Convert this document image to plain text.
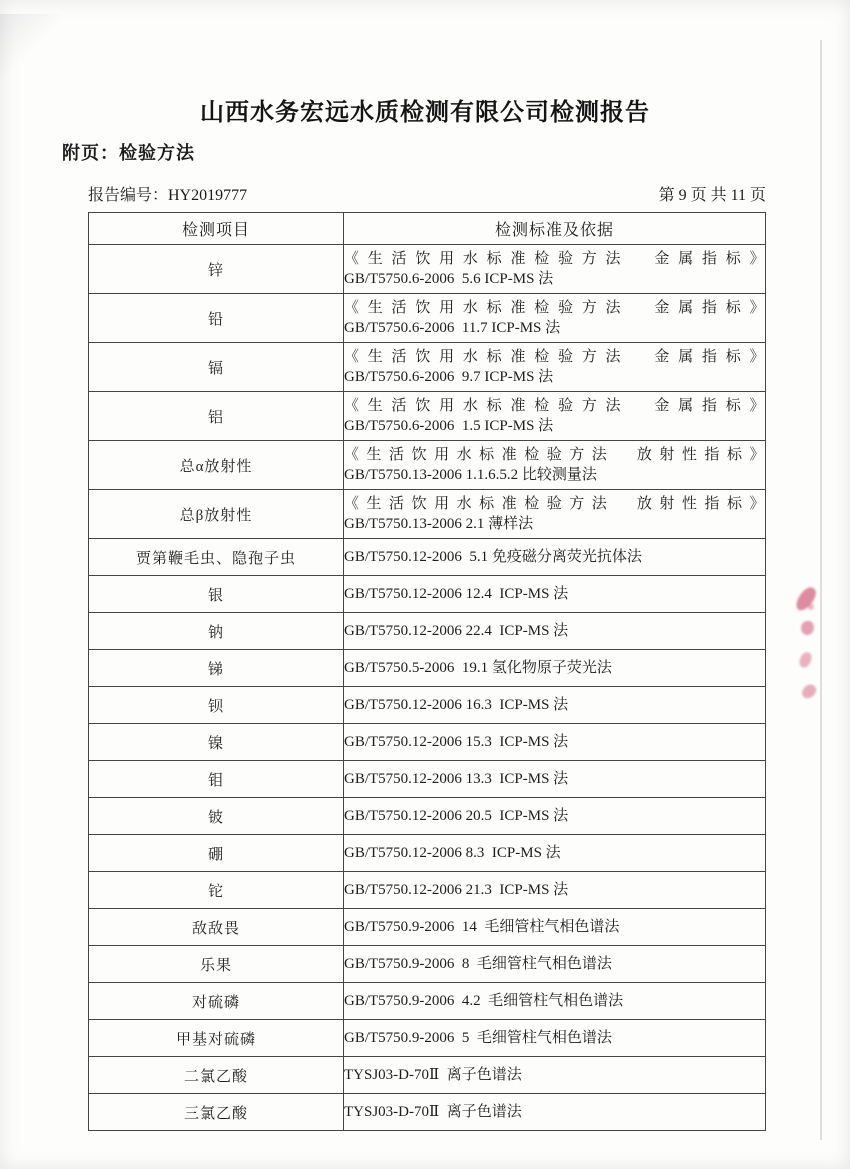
山西水务宏远水质检测有限公司检测报告
附页：检验方法
报告编号：HY2019777	第 9 页 共 11 页
检测项目	检测标准及依据
锌	《生活饮用水标准检验方法  金属指标》
GB/T5750.6-2006  5.6 ICP-MS 法

铅	《生活饮用水标准检验方法  金属指标》
GB/T5750.6-2006  11.7 ICP-MS 法

镉	《生活饮用水标准检验方法  金属指标》
GB/T5750.6-2006  9.7 ICP-MS 法

铝	《生活饮用水标准检验方法  金属指标》
GB/T5750.6-2006  1.5 ICP-MS 法

总α放射性	《生活饮用水标准检验方法  放射性指标》
GB/T5750.13-2006 1.1.6.5.2 比较测量法

总β放射性	《生活饮用水标准检验方法  放射性指标》
GB/T5750.13-2006 2.1 薄样法

贾第鞭毛虫、隐孢子虫	GB/T5750.12-2006  5.1 免疫磁分离荧光抗体法

银	GB/T5750.12-2006 12.4  ICP-MS 法

钠	GB/T5750.12-2006 22.4  ICP-MS 法

锑	GB/T5750.5-2006  19.1 氢化物原子荧光法

钡	GB/T5750.12-2006 16.3  ICP-MS 法

镍	GB/T5750.12-2006 15.3  ICP-MS 法

钼	GB/T5750.12-2006 13.3  ICP-MS 法

铍	GB/T5750.12-2006 20.5  ICP-MS 法

硼	GB/T5750.12-2006 8.3  ICP-MS 法

铊	GB/T5750.12-2006 21.3  ICP-MS 法

敌敌畏	GB/T5750.9-2006  14  毛细管柱气相色谱法

乐果	GB/T5750.9-2006  8  毛细管柱气相色谱法

对硫磷	GB/T5750.9-2006  4.2  毛细管柱气相色谱法

甲基对硫磷	GB/T5750.9-2006  5  毛细管柱气相色谱法

二氯乙酸	TYSJ03-D-70Ⅱ  离子色谱法

三氯乙酸	TYSJ03-D-70Ⅱ  离子色谱法
